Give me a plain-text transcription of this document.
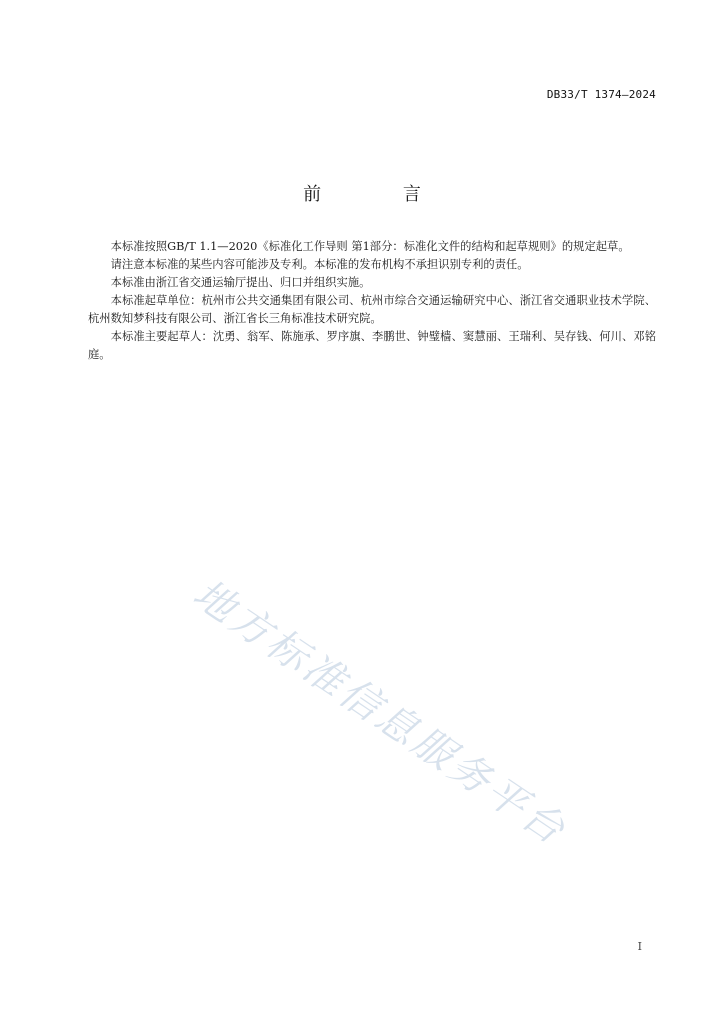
DB33/T 1374—2024
前 言

本标准按照GB/T 1.1—2020《标准化工作导则 第1部分：标准化文件的结构和起草规则》的规定起草。

请注意本标准的某些内容可能涉及专利。本标准的发布机构不承担识别专利的责任。

本标准由浙江省交通运输厅提出、归口并组织实施。

本标准起草单位：杭州市公共交通集团有限公司、杭州市综合交通运输研究中心、浙江省交通职业技术学院、杭州数知梦科技有限公司、浙江省长三角标准技术研究院。

本标准主要起草人：沈勇、翁军、陈施承、罗序旗、李鹏世、钟璧樯、窦慧丽、王瑞利、吴存钱、何川、邓铭庭。

地方标准信息服务平台
I
